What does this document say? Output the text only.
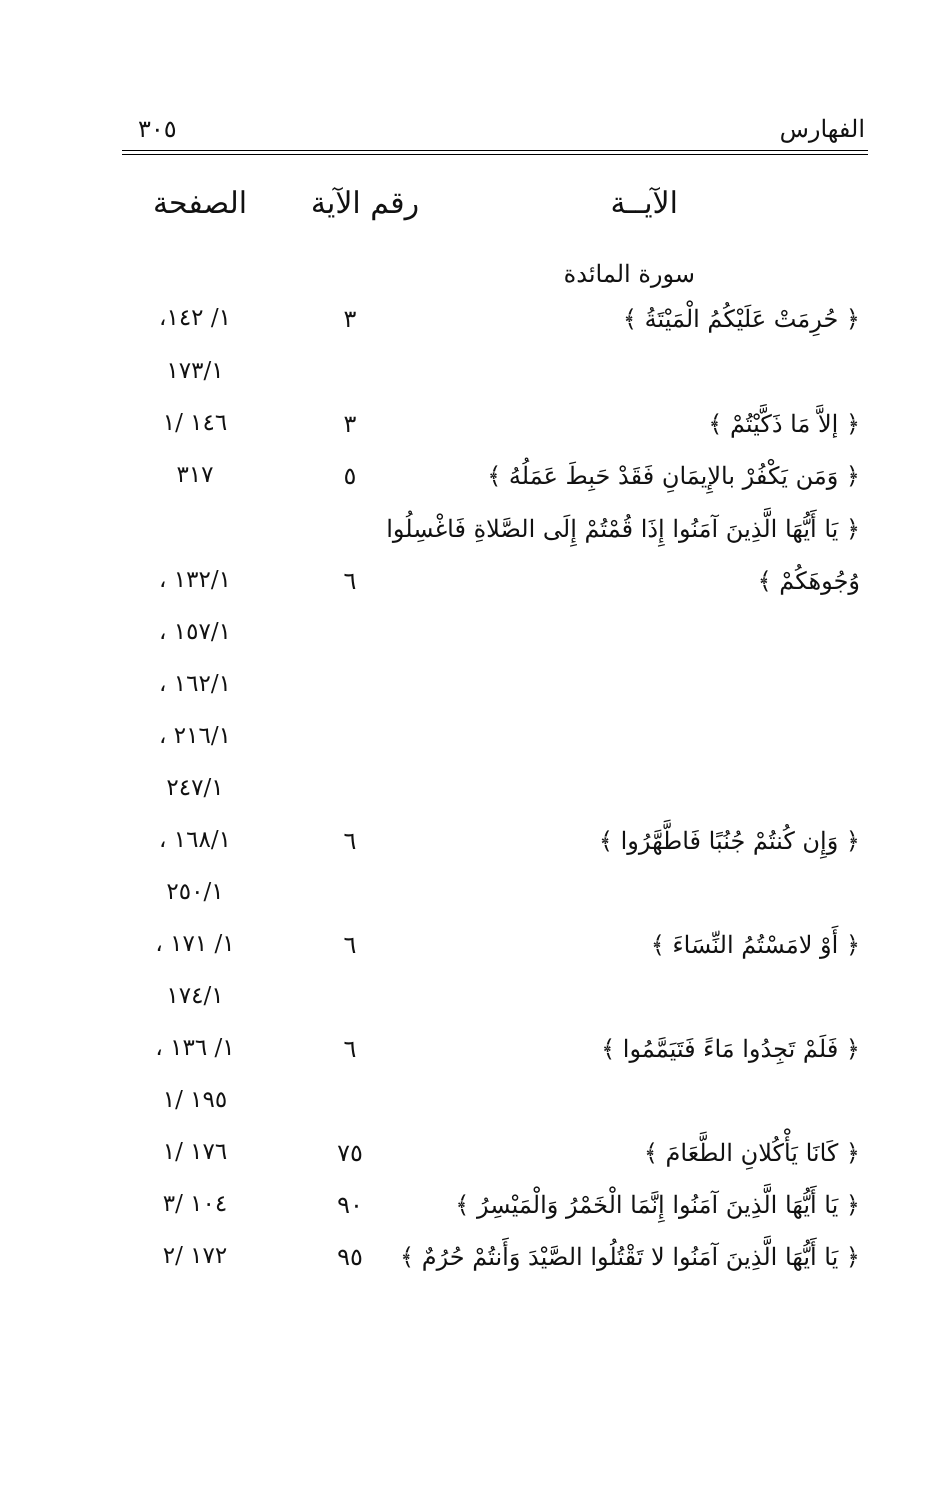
الفهارس
٣٠٥
الآيــة
رقم الآية
الصفحة
سورة المائدة
﴿ حُرِمَتْ عَلَيْكُمُ الْمَيْتَةُ ﴾
٣
١/ ١٤٢،
١٧٣/١
﴿ إلاَّ مَا ذَكَّيْتُمْ ﴾
٣
١٤٦ /١
﴿ وَمَن يَكْفُرْ بالإِيمَانِ فَقَدْ حَبِطَ عَمَلُهُ ﴾
٥
٣١٧
﴿ يَا أَيُّهَا الَّذِينَ آمَنُوا إِذَا قُمْتُمْ إِلَى الصَّلاةِ فَاغْسِلُوا
وُجُوهَكُمْ ﴾
٦
١٣٢/١ ،
١٥٧/١ ،
١٦٢/١ ،
٢١٦/١ ،
٢٤٧/١
﴿ وَإِن كُنتُمْ جُنُبًا فَاطَّهَّرُوا ﴾
٦
١٦٨/١ ،
٢٥٠/١
﴿ أَوْ لامَسْتُمُ النِّسَاءَ ﴾
٦
١/ ١٧١ ،
١٧٤/١
﴿ فَلَمْ تَجِدُوا مَاءً فَتَيَمَّمُوا ﴾
٦
١/ ١٣٦ ،
١٩٥ /١
﴿ كَانَا يَأْكُلانِ الطَّعَامَ ﴾
٧٥
١٧٦ /١
﴿ يَا أَيُّهَا الَّذِينَ آمَنُوا إِنَّمَا الْخَمْرُ وَالْمَيْسِرُ ﴾
٩٠
١٠٤ /٣
﴿ يَا أَيُّهَا الَّذِينَ آمَنُوا لا تَقْتُلُوا الصَّيْدَ وَأَنتُمْ حُرُمٌ ﴾
٩٥
١٧٢ /٢
